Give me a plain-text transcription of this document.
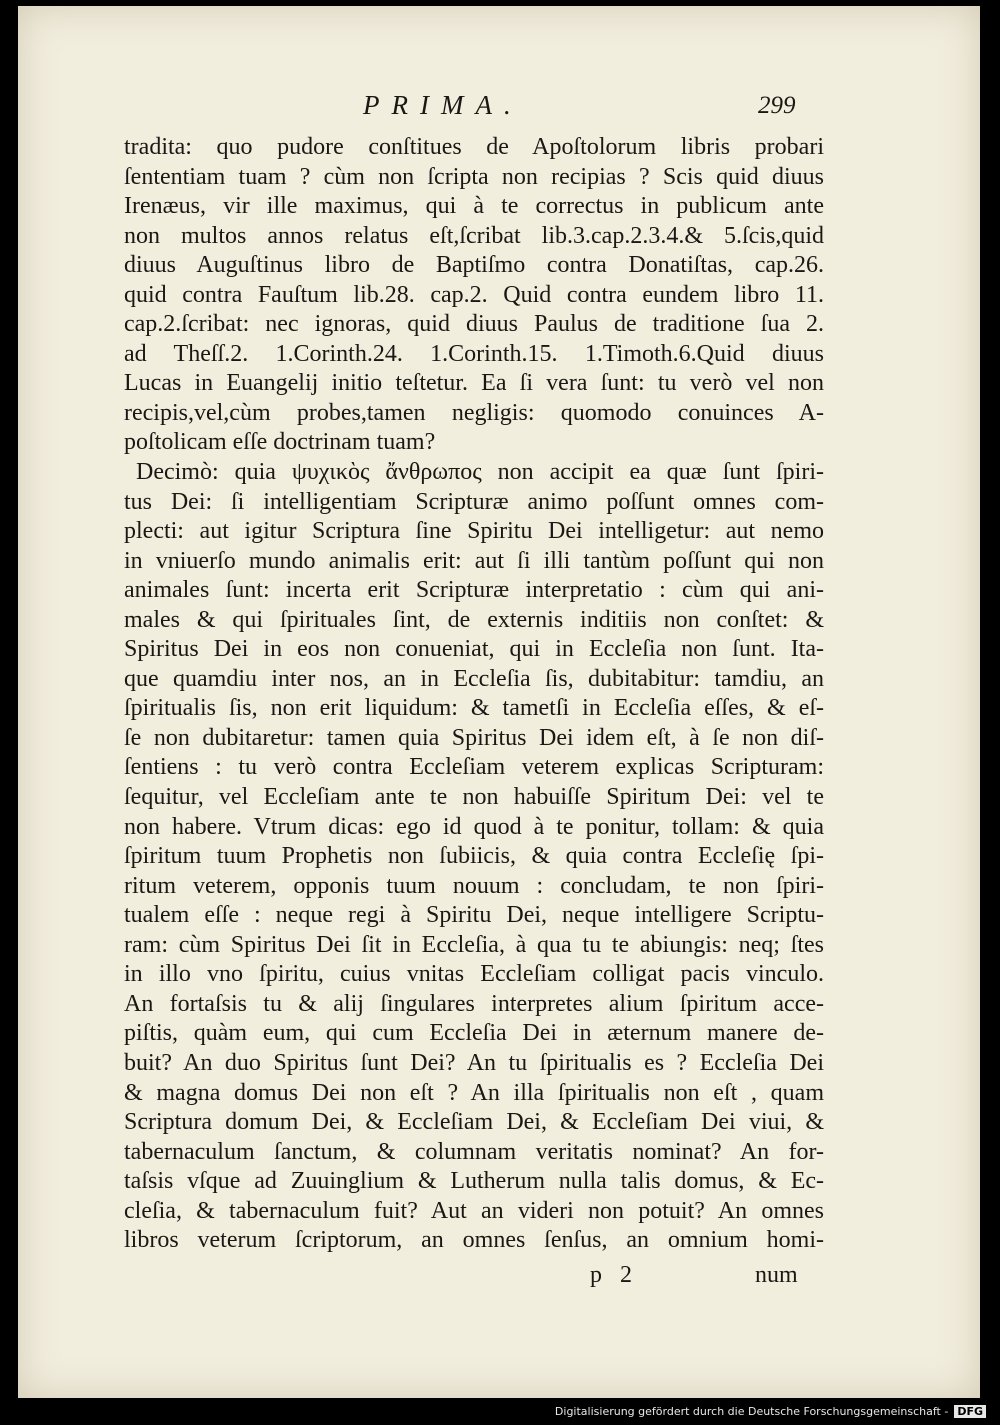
PRIMA.	299
tradita: quo pudore conſtitues de Apoſtolorum libris probari
ſententiam tuam ? cùm non ſcripta non recipias ? Scis quid diuus
Irenæus, vir ille maximus, qui à te correctus in publicum ante
non multos annos relatus eſt,ſcribat lib.3.cap.2.3.4.& 5.ſcis,quid
diuus Auguſtinus libro de Baptiſmo contra Donatiſtas, cap.26.
quid contra Fauſtum lib.28. cap.2. Quid contra eundem libro 11.
cap.2.ſcribat: nec ignoras, quid diuus Paulus de traditione ſua 2.
ad Theſſ.2. 1.Corinth.24. 1.Corinth.15. 1.Timoth.6.Quid diuus
Lucas in Euangelij initio teſtetur. Ea ſi vera ſunt: tu verò vel non
recipis,vel,cùm probes,tamen negligis: quomodo conuinces A-
poſtolicam eſſe doctrinam tuam?
Decimò: quia ψυχικὸς ἄνθρωπος non accipit ea quæ ſunt ſpiri-
tus Dei: ſi intelligentiam Scripturæ animo poſſunt omnes com-
plecti: aut igitur Scriptura ſine Spiritu Dei intelligetur: aut nemo
in vniuerſo mundo animalis erit: aut ſi illi tantùm poſſunt qui non
animales ſunt: incerta erit Scripturæ interpretatio : cùm qui ani-
males & qui ſpirituales ſint, de externis inditiis non conſtet: &
Spiritus Dei in eos non conueniat, qui in Eccleſia non ſunt. Ita-
que quamdiu inter nos, an in Eccleſia ſis, dubitabitur: tamdiu, an
ſpiritualis ſis, non erit liquidum: & tametſi in Eccleſia eſſes, & eſ-
ſe non dubitaretur: tamen quia Spiritus Dei idem eſt, à ſe non diſ-
ſentiens : tu verò contra Eccleſiam veterem explicas Scripturam:
ſequitur, vel Eccleſiam ante te non habuiſſe Spiritum Dei: vel te
non habere. Vtrum dicas: ego id quod à te ponitur, tollam: & quia
ſpiritum tuum Prophetis non ſubiicis, & quia contra Eccleſię ſpi-
ritum veterem, opponis tuum nouum : concludam, te non ſpiri-
tualem eſſe : neque regi à Spiritu Dei, neque intelligere Scriptu-
ram: cùm Spiritus Dei ſit in Eccleſia, à qua tu te abiungis: neq; ſtes
in illo vno ſpiritu, cuius vnitas Eccleſiam colligat pacis vinculo.
An fortaſsis tu & alij ſingulares interpretes alium ſpiritum acce-
piſtis, quàm eum, qui cum Eccleſia Dei in æternum manere de-
buit? An duo Spiritus ſunt Dei? An tu ſpiritualis es ? Eccleſia Dei
& magna domus Dei non eſt ? An illa ſpiritualis non eſt , quam
Scriptura domum Dei, & Eccleſiam Dei, & Eccleſiam Dei viui, &
tabernaculum ſanctum, & columnam veritatis nominat? An for-
taſsis vſque ad Zuuinglium & Lutherum nulla talis domus, & Ec-
cleſia, & tabernaculum fuit? Aut an videri non potuit? An omnes
libros veterum ſcriptorum, an omnes ſenſus, an omnium homi-
p 2	num
Digitalisierung gefördert durch die Deutsche Forschungsgemeinschaft - DFG
